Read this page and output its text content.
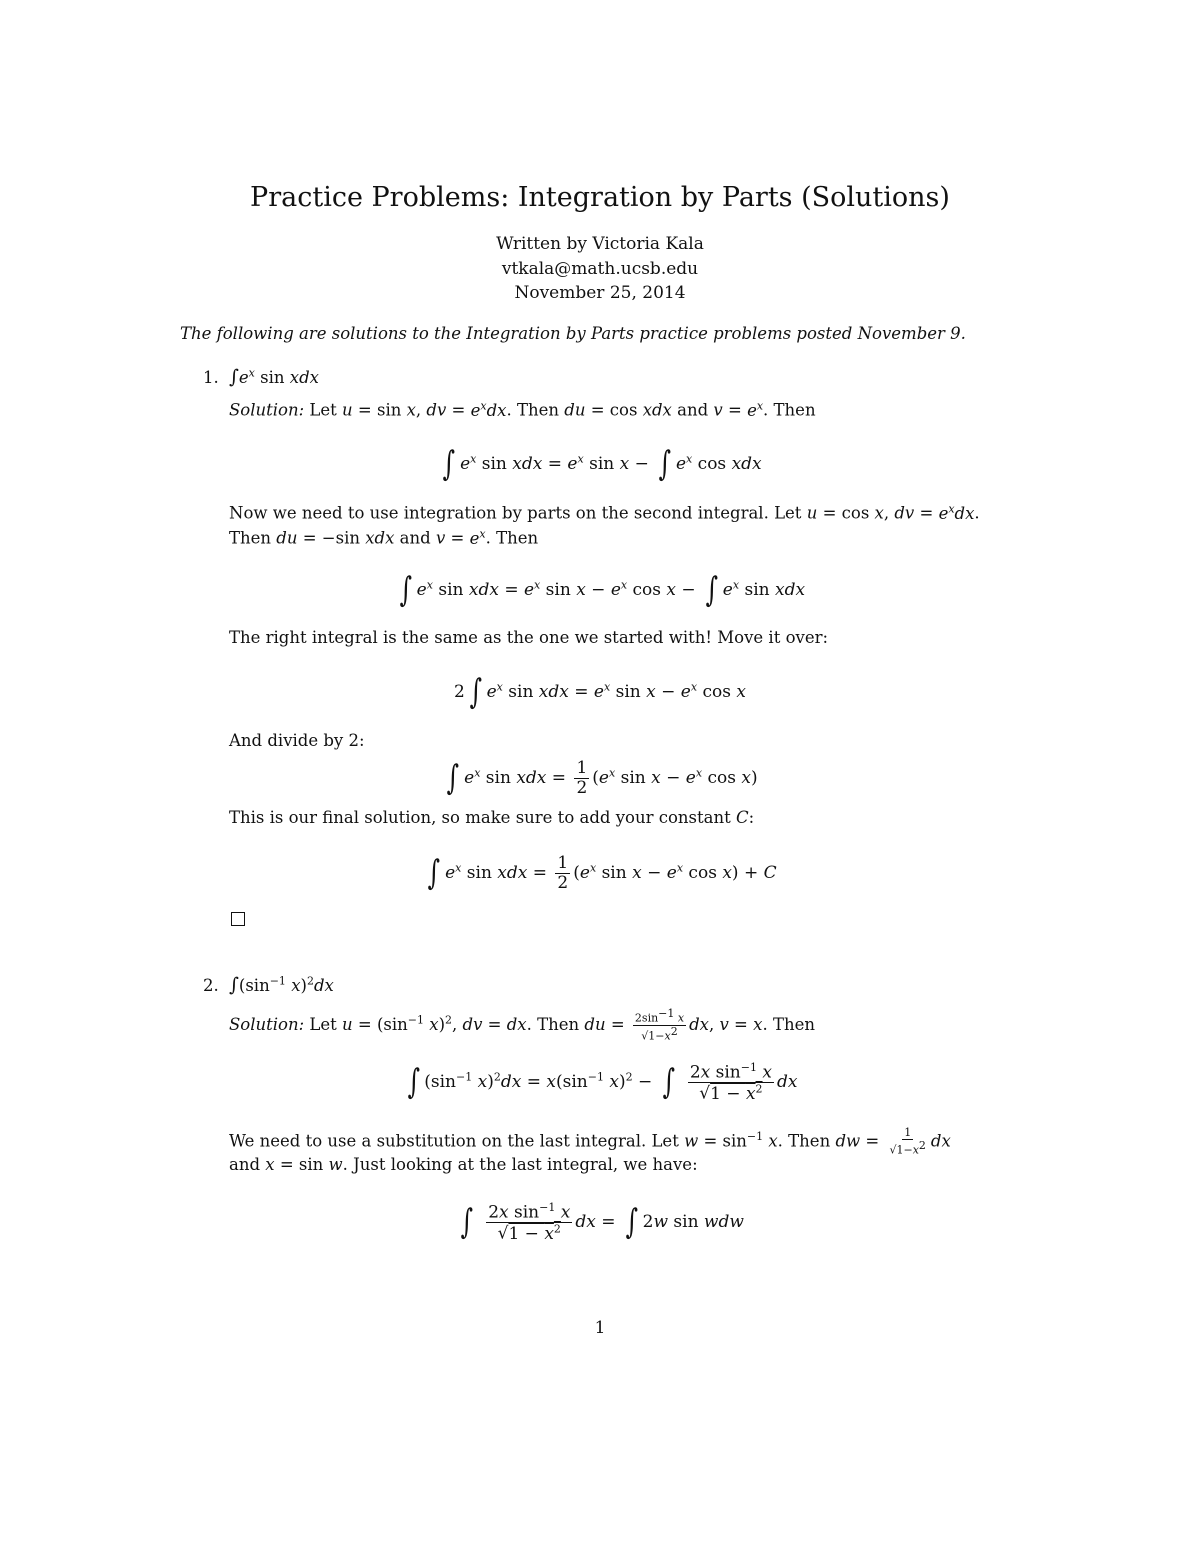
Practice Problems: Integration by Parts (Solutions)
Written by Victoria Kala
vtkala@math.ucsb.edu
November 25, 2014
The following are solutions to the Integration by Parts practice problems posted November 9.
1. $\int e^x$ sin xdx
Solution: Let u = sin x, dv = $e^xdx$. Then du = cos xdx and $v = e^x$. Then
∫ $e^x$ sin xdx = $e^x$ sin x − ∫ $e^x$ cos xdx
Now we need to use integration by parts on the second integral. Let u = cos x, dv = $e^xdx$.
Then du = −sin xdx and $v = e^x$. Then
∫ $e^x$ sin xdx = $e^x$ $\sin x - e^x$ cos x − ∫ $e^x$ sin xdx
The right integral is the same as the one we started with! Move it over:
2 ∫ $e^x$ sin xdx = $e^x$ $\sin x - e^x$ cos x
And divide by 2:
∫ $e^x$ sin xdx = $\frac{1}{2} (e^x$ $\sin x - e^x$ cos x)
This is our final solution, so make sure to add your constant C:
∫ $e^x$ sin xdx = $\frac{1}{2} (e^x$ $\sin x - e^x$ cos x) + C
2. $\int(\sin^{-1}$ x)$^2$dx
Solution: Let $u = (\sin^{-1}$ x)$^2$, dv = dx. Then du = $\frac{2\sin^{-1} x}{√1-x^2}$ dx, v = x. Then
∫ ($\sin^{-1}$ $x)^2dx = x(\sin^{-1}$ x)$^2$ − ∫ $\frac{2x \sin^{-1} x}{√1 - x^2}$ dx
We need to use a substitution on the last integral. Let $w = \sin^{-1} x$. Then dw = $\frac{1}{√1-x^2}$ dx
and x = sin w. Just looking at the last integral, we have:
∫ $\frac{2x \sin^{-1} x}{√1 - x^2}$ dx = ∫ 2w sin wdw
1
